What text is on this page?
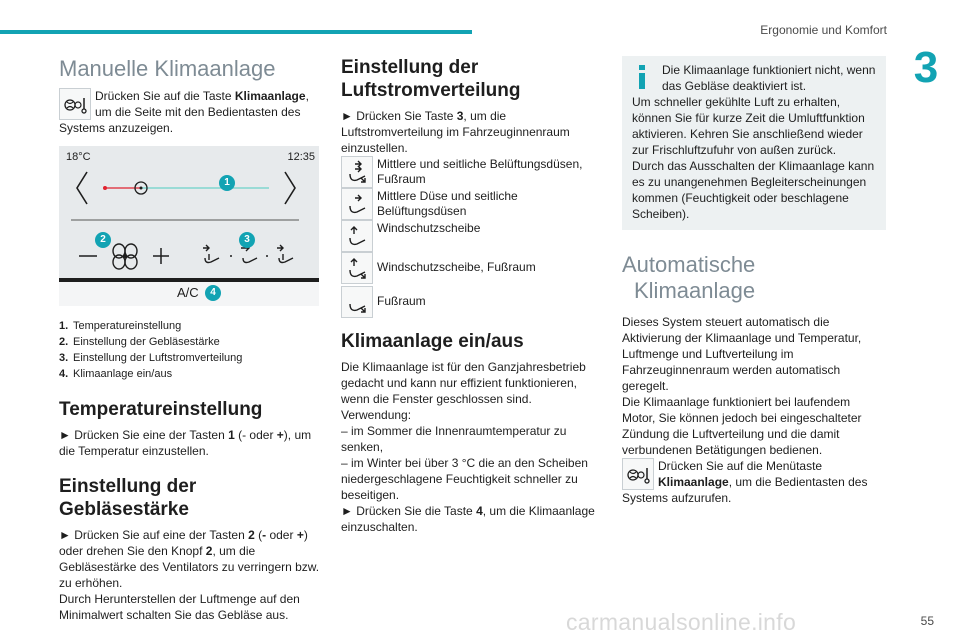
Ergonomie und Komfort
3
Manuelle Klimaanlage

Drücken Sie auf die Taste Klimaanlage, um die Seite mit den Bedientasten des Systems anzuzeigen.

18°C	12:35
1
2	3
A/C	4
1. Temperatureinstellung
2. Einstellung der Gebläsestärke
3. Einstellung der Luftstromverteilung
4. Klimaanlage ein/aus
Temperatureinstellung

► Drücken Sie eine der Tasten 1 (- oder +), um die Temperatur einzustellen.

Einstellung der
Gebläsestärke

► Drücken Sie auf eine der Tasten 2 (- oder +) oder drehen Sie den Knopf 2, um die Gebläsestärke des Ventilators zu verringern bzw. zu erhöhen.

Durch Herunterstellen der Luftmenge auf den Minimalwert schalten Sie das Gebläse aus.

Einstellung der
Luftstromverteilung

► Drücken Sie Taste 3, um die Luftstromverteilung im Fahrzeuginnenraum einzustellen.

Mittlere und seitliche Belüftungsdüsen, Fußraum
Mittlere Düse und seitliche Belüftungsdüsen
Windschutzscheibe
Windschutzscheibe, Fußraum
Fußraum
Klimaanlage ein/aus

Die Klimaanlage ist für den Ganzjahresbetrieb gedacht und kann nur effizient funktionieren, wenn die Fenster geschlossen sind.

Verwendung:

– im Sommer die Innenraumtemperatur zu senken,

– im Winter bei über 3 °C die an den Scheiben niedergeschlagene Feuchtigkeit schneller zu beseitigen.

► Drücken Sie die Taste 4, um die Klimaanlage einzuschalten.

Die Klimaanlage funktioniert nicht, wenn das Gebläse deaktiviert ist.

Um schneller gekühlte Luft zu erhalten, können Sie für kurze Zeit die Umluftfunktion aktivieren. Kehren Sie anschließend wieder zur Frischluftzufuhr von außen zurück.

Durch das Ausschalten der Klimaanlage kann es zu unangenehmen Begleiterscheinungen kommen (Feuchtigkeit oder beschlagene Scheiben).

Automatische
Klimaanlage

Dieses System steuert automatisch die Aktivierung der Klimaanlage und Temperatur, Luftmenge und Luftverteilung im Fahrzeuginnenraum werden automatisch geregelt.

Die Klimaanlage funktioniert bei laufendem Motor, Sie können jedoch bei eingeschalteter Zündung die Luftverteilung und die damit verbundenen Betätigungen bedienen.

Drücken Sie auf die Menütaste Klimaanlage, um die Bedientasten des Systems aufzurufen.

carmanualsonline.info	55
